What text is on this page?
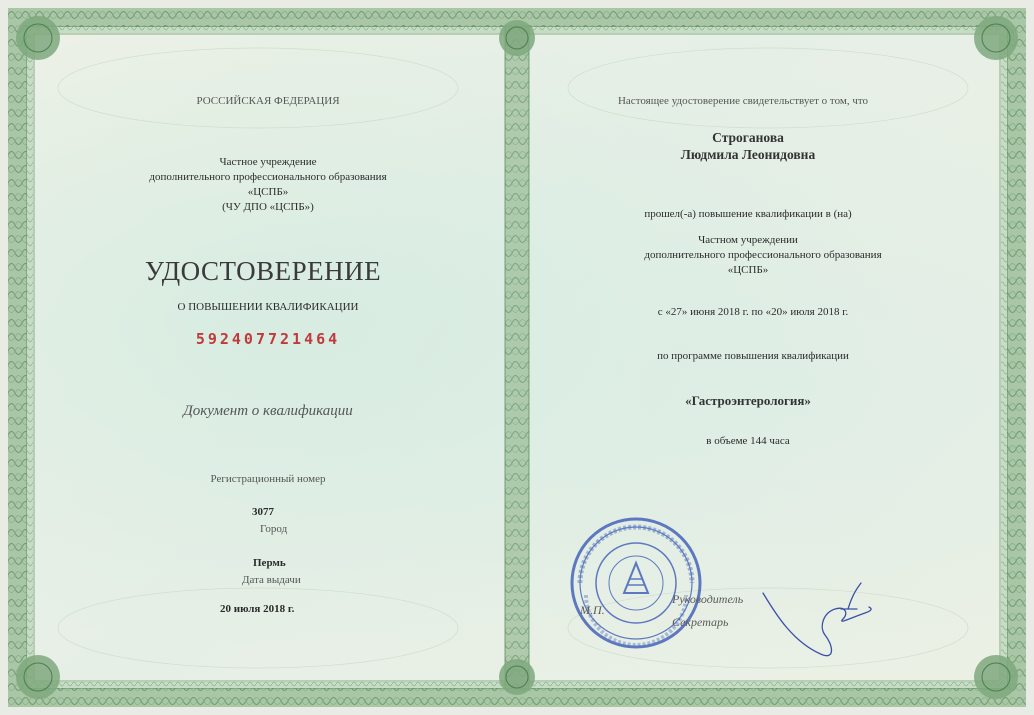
РОССИЙСКАЯ ФЕДЕРАЦИЯ
Частное учреждение
дополнительного профессионального образования
«ЦСПБ»
(ЧУ ДПО «ЦСПБ»)
УДОСТОВЕРЕНИЕ
О ПОВЫШЕНИИ КВАЛИФИКАЦИИ
592407721464
Документ о квалификации
Регистрационный номер
3077
Город
Пермь
Дата выдачи
20 июля 2018 г.
Настоящее удостоверение свидетельствует о том, что
Строганова
Людмила Леонидовна
прошел(-а) повышение квалификации в (на)
Частном учреждении
дополнительного профессионального образования
«ЦСПБ»
с «27» июня 2018 г. по «20» июля 2018 г.
по программе повышения квалификации
«Гастроэнтерология»
в объеме 144 часа
М.П.
Руководитель
Секретарь
